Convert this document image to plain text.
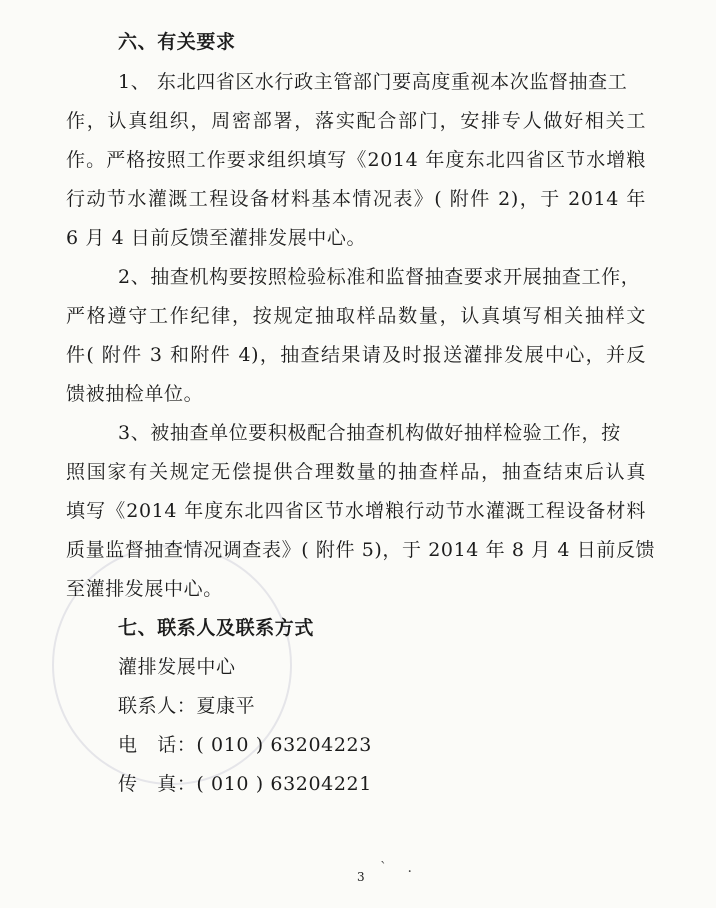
六、有关要求
1、 东北四省区水行政主管部门要高度重视本次监督抽查工
作，认真组织，周密部署，落实配合部门，安排专人做好相关工
作。严格按照工作要求组织填写《2014 年度东北四省区节水增粮
行动节水灌溉工程设备材料基本情况表》( 附件 2)，于 2014 年
6 月 4 日前反馈至灌排发展中心。
2、抽查机构要按照检验标准和监督抽查要求开展抽查工作，
严格遵守工作纪律，按规定抽取样品数量，认真填写相关抽样文
件( 附件 3 和附件 4)，抽查结果请及时报送灌排发展中心，并反
馈被抽检单位。
3、被抽查单位要积极配合抽查机构做好抽样检验工作，按
照国家有关规定无偿提供合理数量的抽查样品，抽查结束后认真
填写《2014 年度东北四省区节水增粮行动节水灌溉工程设备材料
质量监督抽查情况调查表》( 附件 5)，于 2014 年 8 月 4 日前反馈
至灌排发展中心。
七、联系人及联系方式
灌排发展中心
联系人：夏康平
电　话：( 010 ) 63204223
传　真：( 010 ) 63204221
3
` .
